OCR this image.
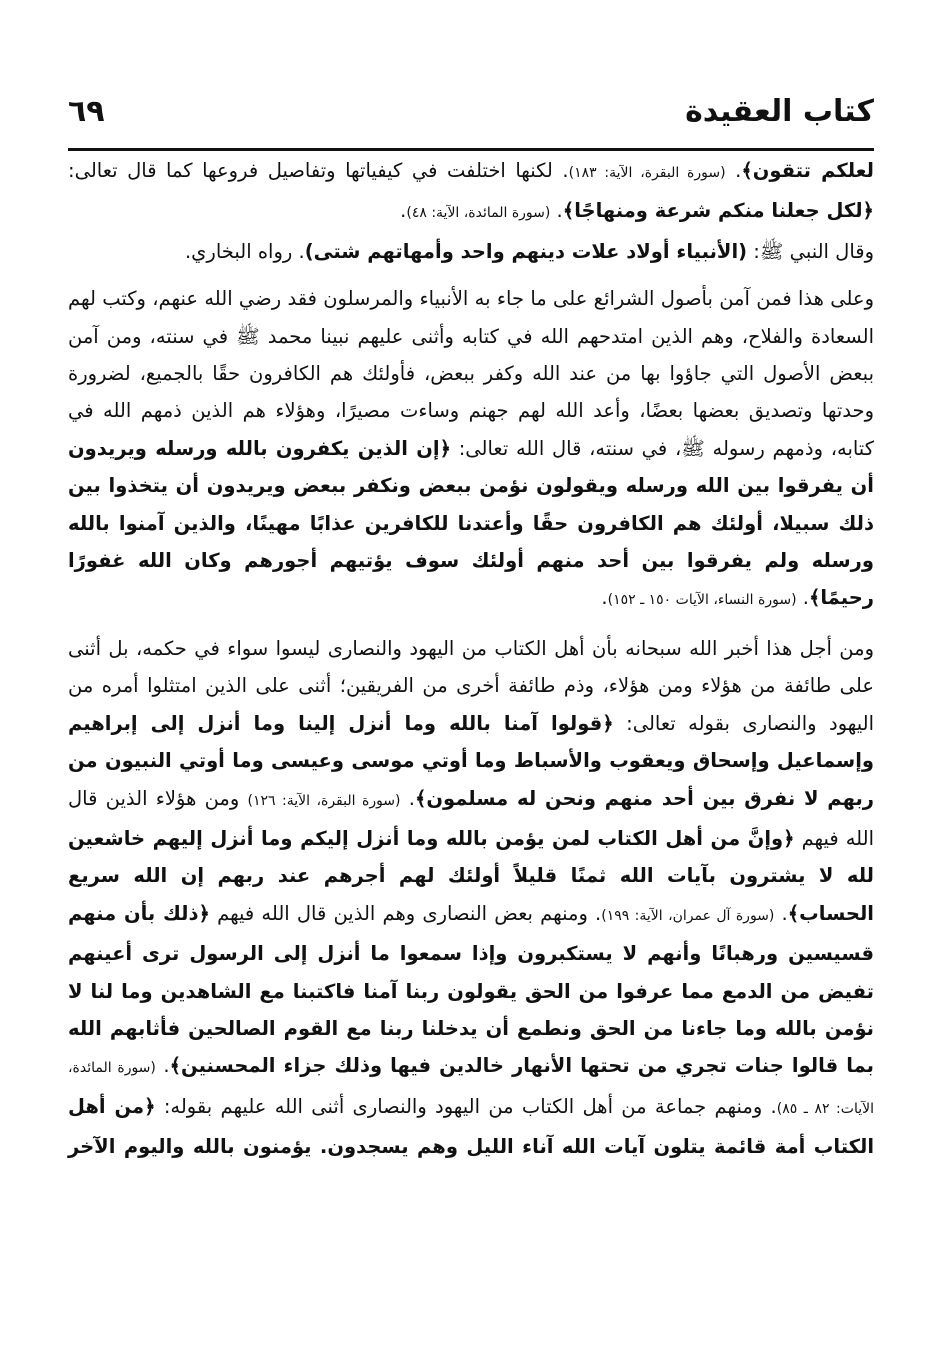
كتاب العقيدة
٦٩

لعلكم تتقون﴾. (سورة البقرة، الآية: ١٨٣). لكنها اختلفت في كيفياتها وتفاصيل فروعها كما قال تعالى: ﴿لكل جعلنا منكم شرعة ومنهاجًا﴾. (سورة المائدة، الآية: ٤٨).

وقال النبي ﷺ: (الأنبياء أولاد علات دينهم واحد وأمهاتهم شتى). رواه البخاري.

وعلى هذا فمن آمن بأصول الشرائع على ما جاء به الأنبياء والمرسلون فقد رضي الله عنهم، وكتب لهم السعادة والفلاح، وهم الذين امتدحهم الله في كتابه وأثنى عليهم نبينا محمد ﷺ في سنته، ومن آمن ببعض الأصول التي جاؤوا بها من عند الله وكفر ببعض، فأولئك هم الكافرون حقًا بالجميع، لضرورة وحدتها وتصديق بعضها بعضًا، وأعد الله لهم جهنم وساءت مصيرًا، وهؤلاء هم الذين ذمهم الله في كتابه، وذمهم رسوله ﷺ، في سنته، قال الله تعالى: ﴿إن الذين يكفرون بالله ورسله ويريدون أن يفرقوا بين الله ورسله ويقولون نؤمن ببعض ونكفر ببعض ويريدون أن يتخذوا بين ذلك سبيلا، أولئك هم الكافرون حقًا وأعتدنا للكافرين عذابًا مهينًا، والذين آمنوا بالله ورسله ولم يفرقوا بين أحد منهم أولئك سوف يؤتيهم أجورهم وكان الله غفورًا رحيمًا﴾. (سورة النساء، الآيات ١٥٠ ـ ١٥٢).

ومن أجل هذا أخبر الله سبحانه بأن أهل الكتاب من اليهود والنصارى ليسوا سواء في حكمه، بل أثنى على طائفة من هؤلاء ومن هؤلاء، وذم طائفة أخرى من الفريقين؛ أثنى على الذين امتثلوا أمره من اليهود والنصارى بقوله تعالى: ﴿قولوا آمنا بالله وما أنزل إلينا وما أنزل إلى إبراهيم وإسماعيل وإسحاق ويعقوب والأسباط وما أوتي موسى وعيسى وما أوتي النبيون من ربهم لا نفرق بين أحد منهم ونحن له مسلمون﴾. (سورة البقرة، الآية: ١٢٦) ومن هؤلاء الذين قال الله فيهم ﴿وإنَّ من أهل الكتاب لمن يؤمن بالله وما أنزل إليكم وما أنزل إليهم خاشعين لله لا يشترون بآيات الله ثمنًا قليلاً أولئك لهم أجرهم عند ربهم إن الله سريع الحساب﴾. (سورة آل عمران، الآية: ١٩٩). ومنهم بعض النصارى وهم الذين قال الله فيهم ﴿ذلك بأن منهم قسيسين ورهبانًا وأنهم لا يستكبرون وإذا سمعوا ما أنزل إلى الرسول ترى أعينهم تفيض من الدمع مما عرفوا من الحق يقولون ربنا آمنا فاكتبنا مع الشاهدين وما لنا لا نؤمن بالله وما جاءنا من الحق ونطمع أن يدخلنا ربنا مع القوم الصالحين فأثابهم الله بما قالوا جنات تجري من تحتها الأنهار خالدين فيها وذلك جزاء المحسنين﴾. (سورة المائدة، الآيات: ٨٢ ـ ٨٥). ومنهم جماعة من أهل الكتاب من اليهود والنصارى أثنى الله عليهم بقوله: ﴿من أهل الكتاب أمة قائمة يتلون آيات الله آناء الليل وهم يسجدون. يؤمنون بالله واليوم الآخر
